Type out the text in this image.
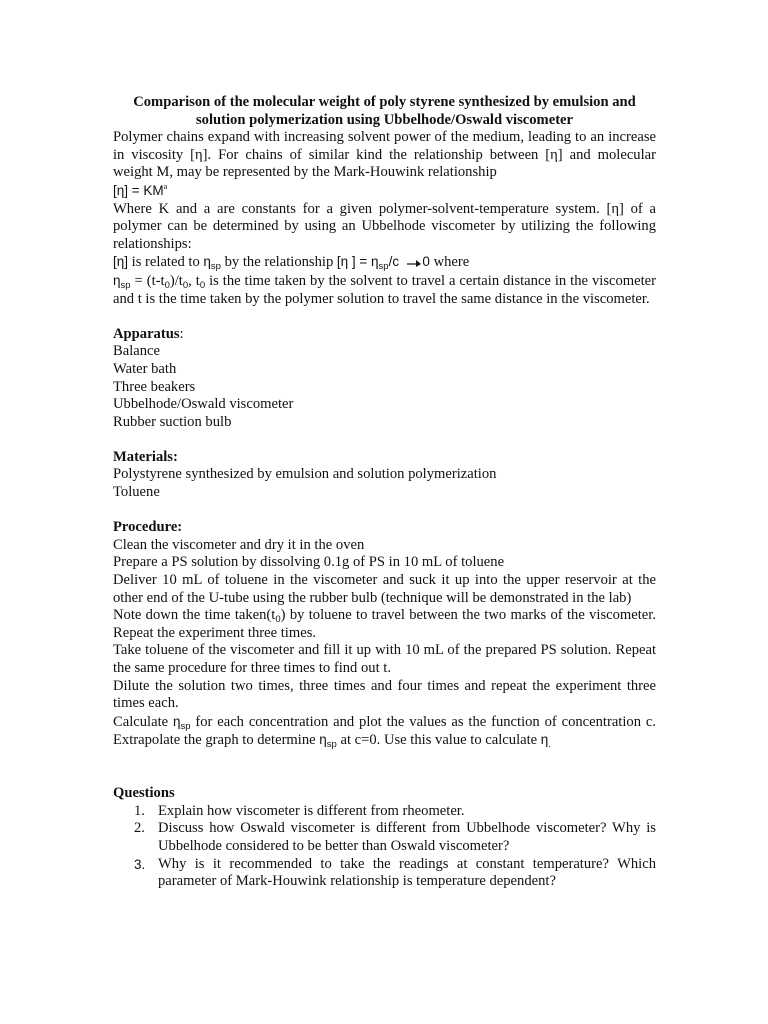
Comparison of the molecular weight of poly styrene synthesized by emulsion and
solution polymerization using Ubbelhode/Oswald viscometer

Polymer chains expand with increasing solvent power of the medium, leading to an increase in viscosity [η]. For chains of similar kind the relationship between [η] and molecular weight M, may be represented by the Mark-Houwink relationship

$[\eta] = KM^a$

Where K and a are constants for a given polymer-solvent-temperature system. [η] of a polymer can be determined by using an Ubbelhode viscometer by utilizing the following relationships:

[η] is related to $\eta_{sp}$ by the relationship [η ] = $\eta_{sp}/c$ 0 where

$\eta_{sp} = (t-t_0)/t_0$, $t_0$ is the time taken by the solvent to travel a certain distance in the viscometer and t is the time taken by the polymer solution to travel the same distance in the viscometer.

Apparatus:

Balance
Water bath
Three beakers
Ubbelhode/Oswald viscometer
Rubber suction bulb

Materials:

Polystyrene synthesized by emulsion and solution polymerization
Toluene

Procedure:

Clean the viscometer and dry it in the oven

Prepare a PS solution by dissolving 0.1g of PS in 10 mL of toluene

Deliver 10 mL of toluene in the viscometer and suck it up into the upper reservoir at the other end of the U-tube using the rubber bulb (technique will be demonstrated in the lab)

Note down the time $taken(t_0)$ by toluene to travel between the two marks of the viscometer. Repeat the experiment three times.

Take toluene of the viscometer and fill it up with 10 mL of the prepared PS solution. Repeat the same procedure for three times to find out t.

Dilute the solution two times, three times and four times and repeat the experiment three times each.

Calculate $\eta_{sp}$ for each concentration and plot the values as the function of concentration c. Extrapolate the graph to determine $\eta_{sp}$ at c=0. Use this value to calculate $\eta_.$

Questions

1. Explain how viscometer is different from rheometer.
2. Discuss how Oswald viscometer is different from Ubbelhode viscometer? Why is Ubbelhode considered to be better than Oswald viscometer?
3. Why is it recommended to take the readings at constant temperature? Which parameter of Mark-Houwink relationship is temperature dependent?
